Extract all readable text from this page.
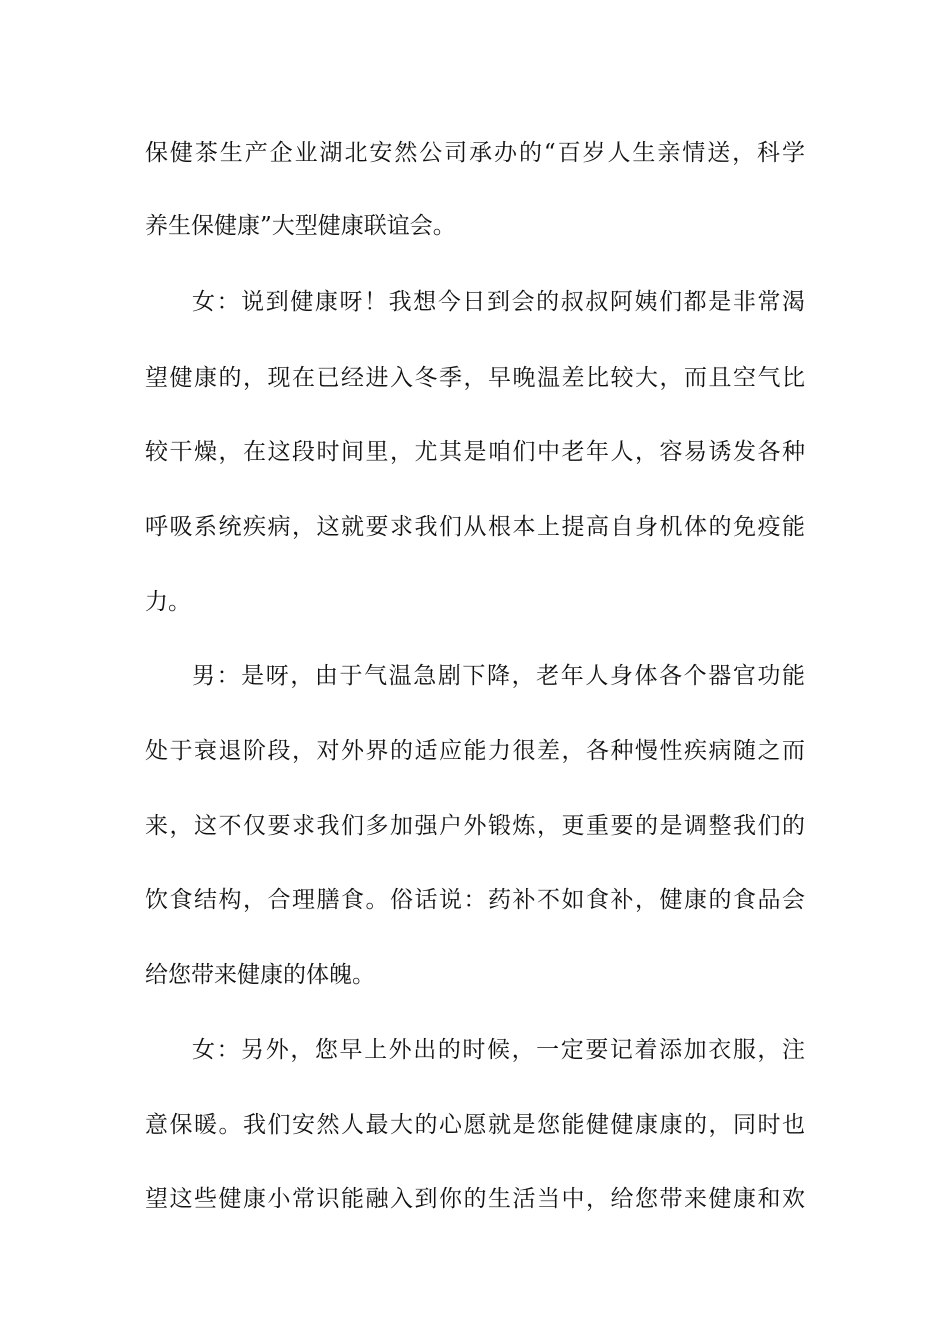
保健茶生产企业湖北安然公司承办的“百岁人生亲情送，科学
养生保健康”大型健康联谊会。
女：说到健康呀！我想今日到会的叔叔阿姨们都是非常渴
望健康的，现在已经进入冬季，早晚温差比较大，而且空气比
较干燥，在这段时间里，尤其是咱们中老年人，容易诱发各种
呼吸系统疾病，这就要求我们从根本上提高自身机体的免疫能
力。
男：是呀，由于气温急剧下降，老年人身体各个器官功能
处于衰退阶段，对外界的适应能力很差，各种慢性疾病随之而
来，这不仅要求我们多加强户外锻炼，更重要的是调整我们的
饮食结构，合理膳食。俗话说：药补不如食补，健康的食品会
给您带来健康的体魄。
女：另外，您早上外出的时候，一定要记着添加衣服，注
意保暖。我们安然人最大的心愿就是您能健健康康的，同时也
望这些健康小常识能融入到你的生活当中，给您带来健康和欢
